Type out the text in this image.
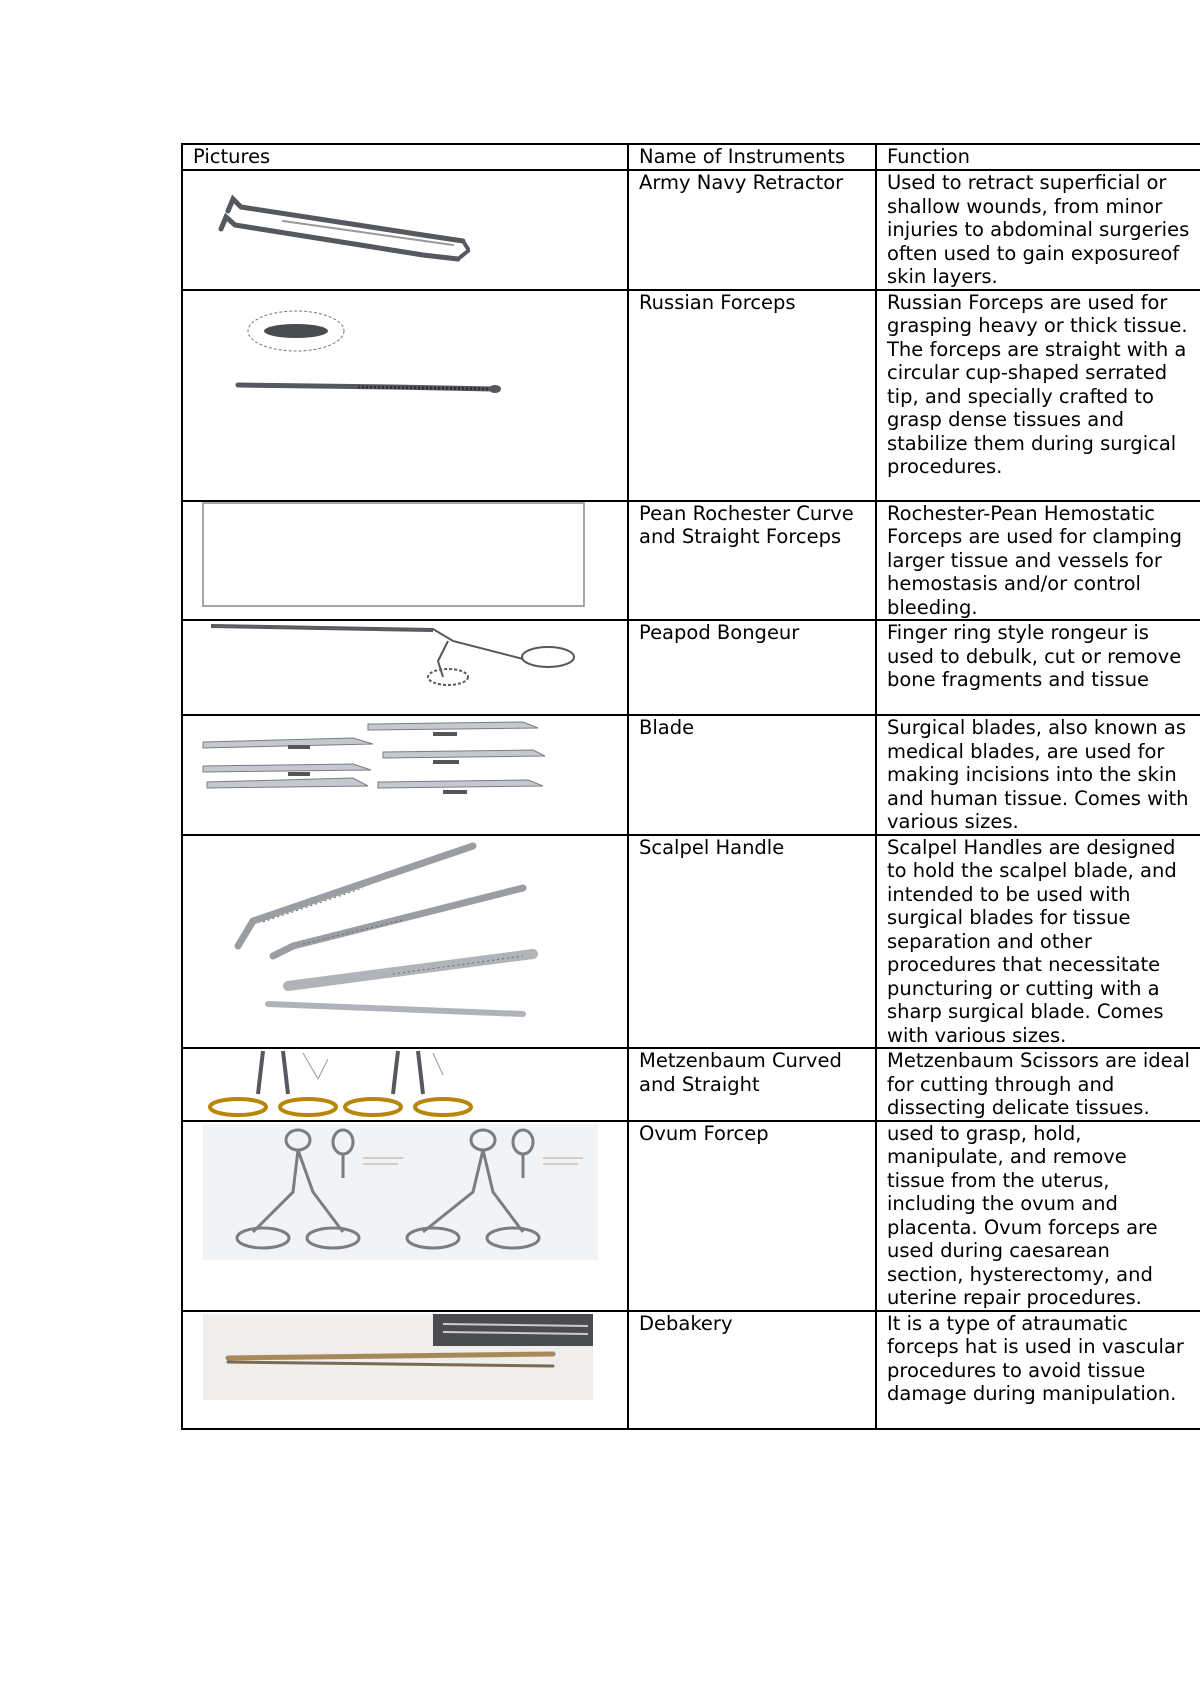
Pictures	Name of Instruments	Function

	Army Navy Retractor	Used to retract superficial or shallow wounds, from minor injuries to abdominal surgeries often used to gain exposureof skin layers.

	Russian Forceps	Russian Forceps are used for grasping heavy or thick tissue. The forceps are straight with a circular cup-shaped serrated tip, and specially crafted to grasp dense tissues and stabilize them during surgical procedures.

	Pean Rochester Curve and Straight Forceps	Rochester-Pean Hemostatic Forceps are used for clamping larger tissue and vessels for hemostasis and/or control bleeding.

	Peapod Bongeur	Finger ring style rongeur is used to debulk, cut or remove bone fragments and tissue

	Blade	Surgical blades, also known as medical blades, are used for making incisions into the skin and human tissue. Comes with various sizes.

	Scalpel Handle	Scalpel Handles are designed to hold the scalpel blade, and intended to be used with surgical blades for tissue separation and other procedures that necessitate puncturing or cutting with a sharp surgical blade. Comes with various sizes.

	Metzenbaum Curved and Straight	Metzenbaum Scissors are ideal for cutting through and dissecting delicate tissues.

	Ovum Forcep	used to grasp, hold, manipulate, and remove tissue from the uterus, including the ovum and placenta. Ovum forceps are used during caesarean section, hysterectomy, and uterine repair procedures.

	Debakery	It is a type of atraumatic forceps hat is used in vascular procedures to avoid tissue damage during manipulation.
